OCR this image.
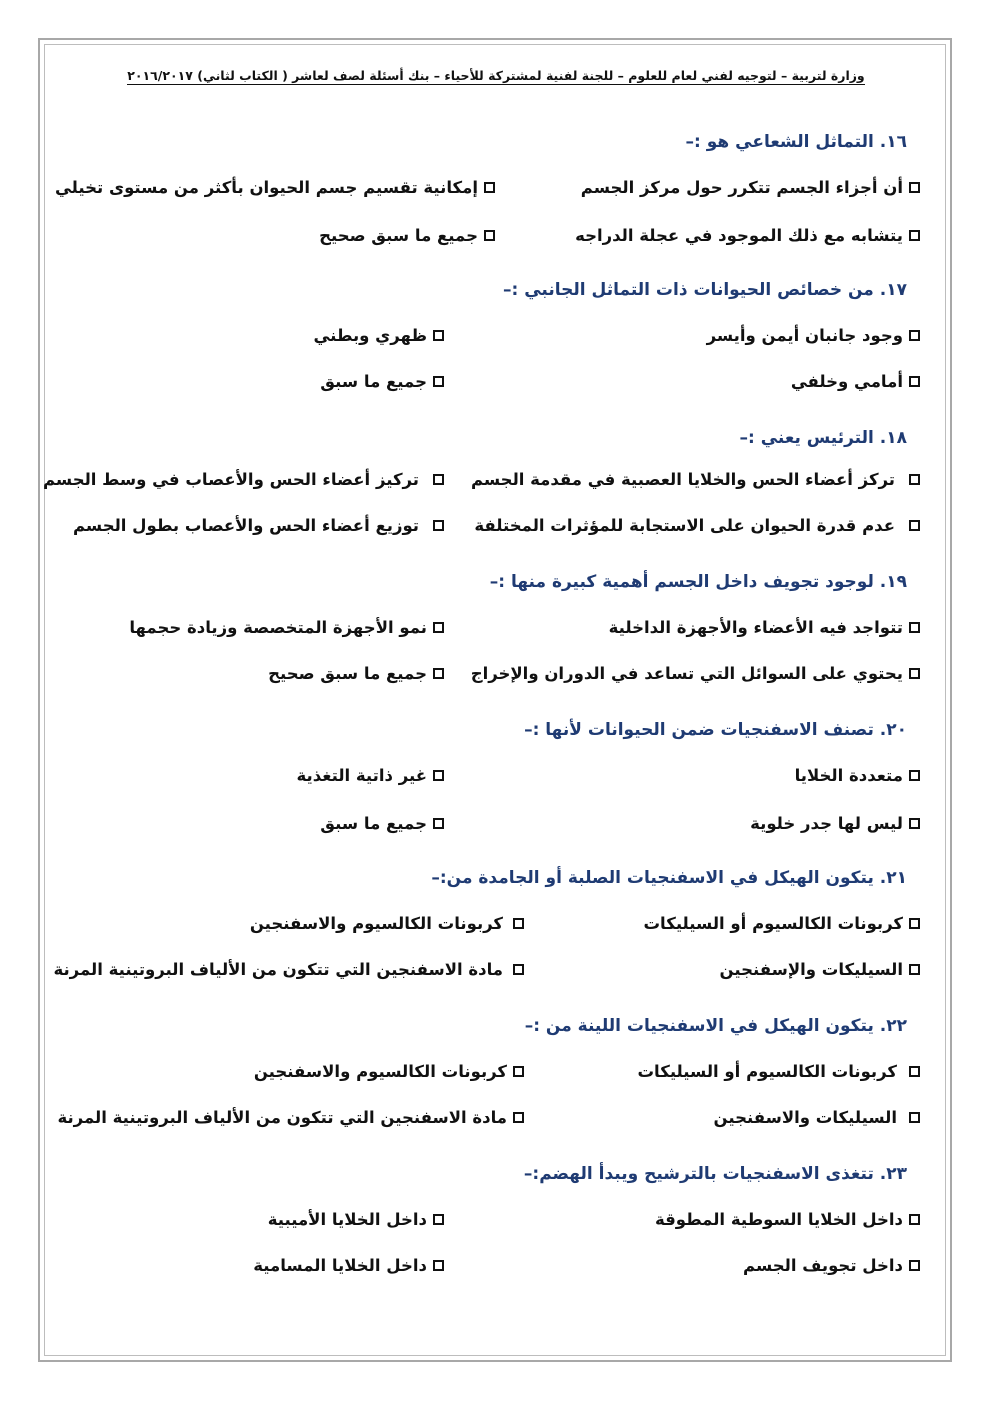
وزارة لتربية – لتوجيه لفني لعام للعلوم – للجنة لفنية لمشتركة للأحياء – بنك أسئلة لصف لعاشر ( الكتاب لثاني) ٢٠١٦/٢٠١٧
١٦. التماثل الشعاعي هو :–
أن أجزاء الجسم تتكرر حول مركز الجسم
إمكانية تقسيم جسم الحيوان بأكثر من مستوى تخيلي
يتشابه مع ذلك الموجود في عجلة الدراجه
جميع ما سبق صحيح
١٧. من خصائص الحيوانات ذات التماثل الجانبي :–
وجود جانبان أيمن وأيسر
ظهري وبطني
أمامي وخلفي
جميع ما سبق
١٨. الترئيس يعني :–
تركز أعضاء الحس والخلايا العصبية في مقدمة الجسم
تركيز أعضاء الحس والأعصاب في وسط الجسم
عدم قدرة الحيوان على الاستجابة للمؤثرات المختلفة
توزيع أعضاء الحس والأعصاب بطول الجسم
١٩. لوجود تجويف داخل الجسم أهمية كبيرة منها :–
تتواجد فيه الأعضاء والأجهزة الداخلية
نمو الأجهزة المتخصصة وزيادة حجمها
يحتوي على السوائل التي تساعد في الدوران والإخراج
جميع ما سبق صحيح
٢٠. تصنف الاسفنجيات ضمن الحيوانات لأنها :–
متعددة الخلايا
غير ذاتية التغذية
ليس لها جدر خلوية
جميع ما سبق
٢١. يتكون الهيكل في الاسفنجيات الصلبة أو الجامدة من:–
كربونات الكالسيوم أو السيليكات
كربونات الكالسيوم والاسفنجين
السيليكات والإسفنجين
مادة الاسفنجين التي تتكون من الألياف البروتينية المرنة
٢٢. يتكون الهيكل في الاسفنجيات اللينة من :–
كربونات الكالسيوم أو السيليكات
كربونات الكالسيوم والاسفنجين
السيليكات والاسفنجين
مادة الاسفنجين التي تتكون من الألياف البروتينية المرنة
٢٣. تتغذى الاسفنجيات بالترشيح ويبدأ الهضم:–
داخل الخلايا السوطية المطوقة
داخل الخلايا الأميبية
داخل تجويف الجسم
داخل الخلايا المسامية
